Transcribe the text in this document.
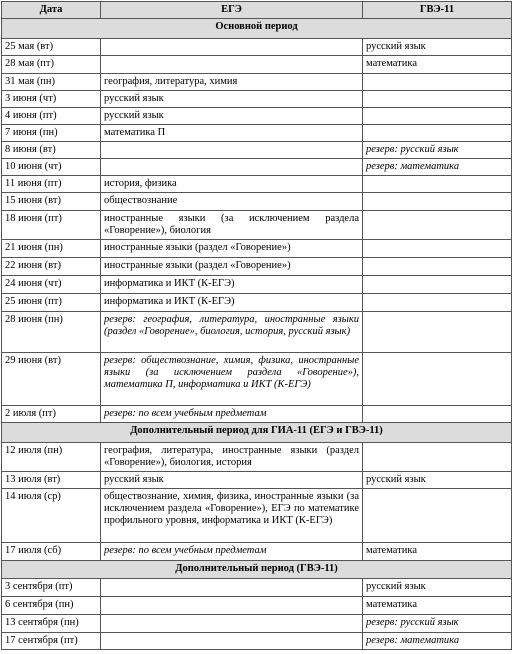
Дата	ЕГЭ	ГВЭ-11
Основной период		
25 мая (вт)		русский язык
28 мая (пт)		математика
31 мая (пн)	география, литература, химия	
3 июня (чт)	русский язык	
4 июня (пт)	русский язык	
7 июня (пн)	математика П	
8 июня (вт)		резерв: русский язык
10 июня (чт)		резерв: математика
11 июня (пт)	история, физика	
15 июня (вт)	обществознание	
18 июня (пт)	иностранные языки (за исключением раздела «Говорение»), биология	
21 июня (пн)	иностранные языки (раздел «Говорение»)	
22 июня (вт)	иностранные языки (раздел «Говорение»)	
24 июня (чт)	информатика и ИКТ (К-ЕГЭ)	
25 июня (пт)	информатика и ИКТ (К-ЕГЭ)	
28 июня (пн)	резерв: география, литература, иностранные языки (раздел «Говорение», биология, история, русский язык)	
29 июня (вт)	резерв: обществознание, химия, физика, иностранные языки (за исключением раздела «Говорение»), математика П, информатика и ИКТ (К-ЕГЭ)	
2 июля (пт)	резерв: по всем учебным предметам	
Дополнительный период для ГИА-11 (ЕГЭ и ГВЭ-11)		
12 июля (пн)	география, литература, иностранные языки (раздел «Говорение»), биология, история	
13 июля (вт)	русский язык	русский язык
14 июля (ср)	обществознание, химия, физика, иностранные языки (за исключением раздела «Говорение»), ЕГЭ по математике профильного уровня, информатика и ИКТ (К-ЕГЭ)	
17 июля (сб)	резерв: по всем учебным предметам	математика
Дополнительный период (ГВЭ-11)		
3 сентября (пт)		русский язык
6 сентября (пн)		математика
13 сентября (пн)		резерв: русский язык
17 сентября (пт)		резерв: математика
